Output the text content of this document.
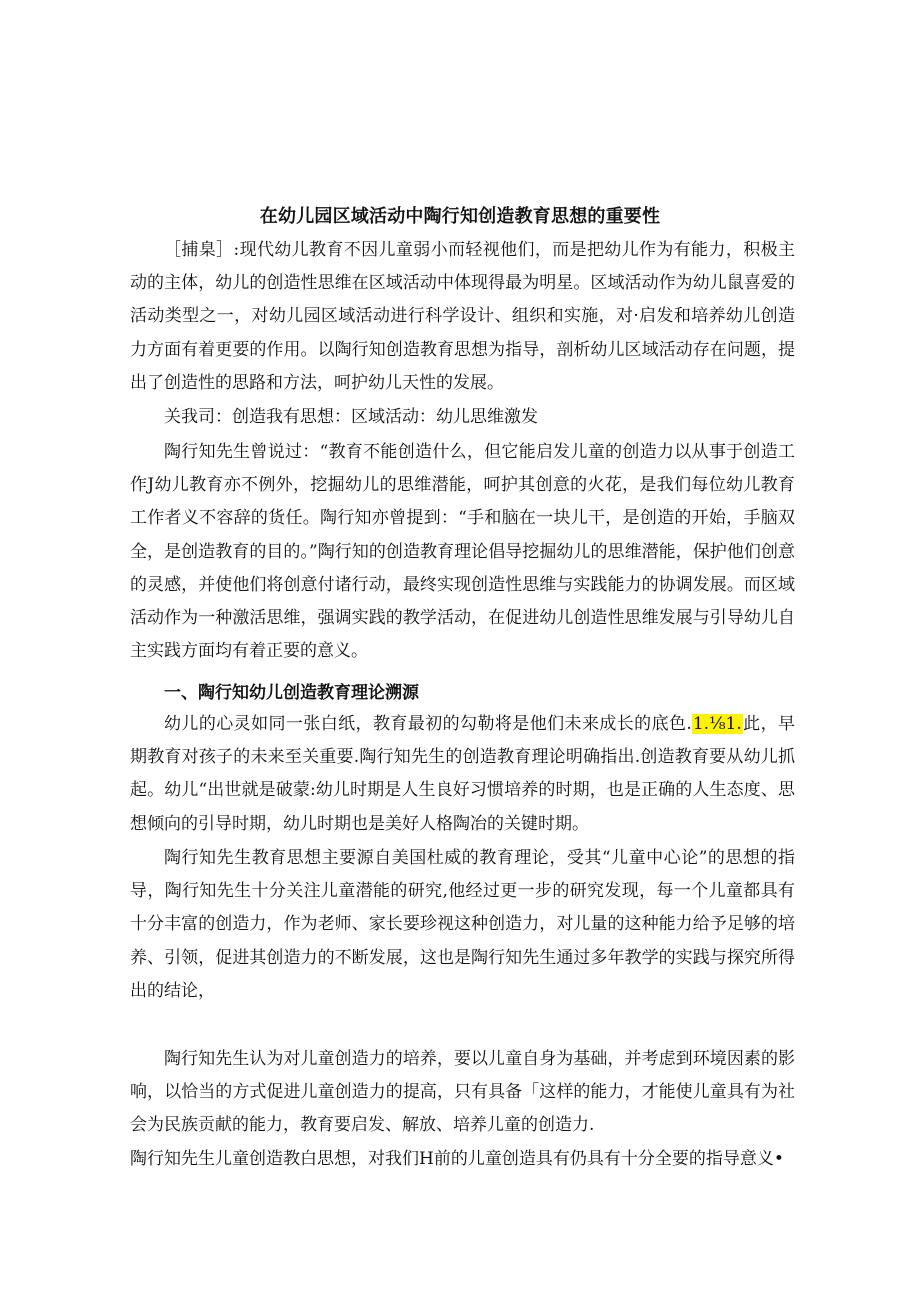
在幼儿园区域活动中陶行知创造教育思想的重要性

［捕臬］:现代幼儿教育不因儿童弱小而轻视他们，而是把幼儿作为有能力，积极主动的主体，幼儿的创造性思维在区域活动中体现得最为明星。区域活动作为幼儿鼠喜爱的活动类型之一，对幼儿园区域活动进行科学设计、组织和实施，对·启发和培养幼儿创造力方面有着更要的作用。以陶行知创造教育思想为指导，剖析幼儿区域活动存在问题，提出了创造性的思路和方法，呵护幼儿天性的发展。

关我司：创造我有思想：区域活动：幼儿思维激发

陶行知先生曾说过：“教育不能创造什么，但它能启发儿童的创造力以从事于创造工作J幼儿教育亦不例外，挖掘幼儿的思维潜能，呵护其创意的火花，是我们每位幼儿教育工作者义不容辞的货任。陶行知亦曾提到：“手和脑在一块儿干，是创造的开始，手脑双全，是创造教育的目的。”陶行知的创造教育理论倡导挖掘幼儿的思维潜能，保护他们创意的灵感，并使他们将创意付诸行动，最终实现创造性思维与实践能力的协调发展。而区域活动作为一种激活思维，强调实践的教学活动，在促进幼儿创造性思维发展与引导幼儿自主实践方面均有着正要的意义。

一、陶行知幼儿创造教育理论溯源

幼儿的心灵如同一张白纸，教育最初的勾勒将是他们未来成长的底色.1.⅛1.此，早期教育对孩子的未来至关重要.陶行知先生的创造教育理论明确指出.创造教育要从幼儿抓起。幼儿“出世就是破蒙:幼儿时期是人生良好习惯培养的时期，也是正确的人生态度、思想倾向的引导时期，幼儿时期也是美好人格陶冶的关键时期。

陶行知先生教育思想主要源自美国杜威的教育理论，受其“儿童中心论”的思想的指导，陶行知先生十分关注儿童潜能的研究,他经过更一步的研究发现，每一个儿童都具有十分丰富的创造力，作为老师、家长要珍视这种创造力，对儿量的这种能力给予足够的培养、引领，促进其创造力的不断发展，这也是陶行知先生通过多年教学的实践与探究所得出的结论，

陶行知先生认为对儿童创造力的培养，要以儿童自身为基础，并考虑到环境因素的影响，以恰当的方式促进儿童创造力的提高，只有具备「这样的能力，才能使儿童具有为社会为民族贡献的能力，教育要启发、解放、培养儿童的创造力.

陶行知先生儿童创造教白思想，对我们H前的儿童创造具有仍具有十分全要的指导意义•
